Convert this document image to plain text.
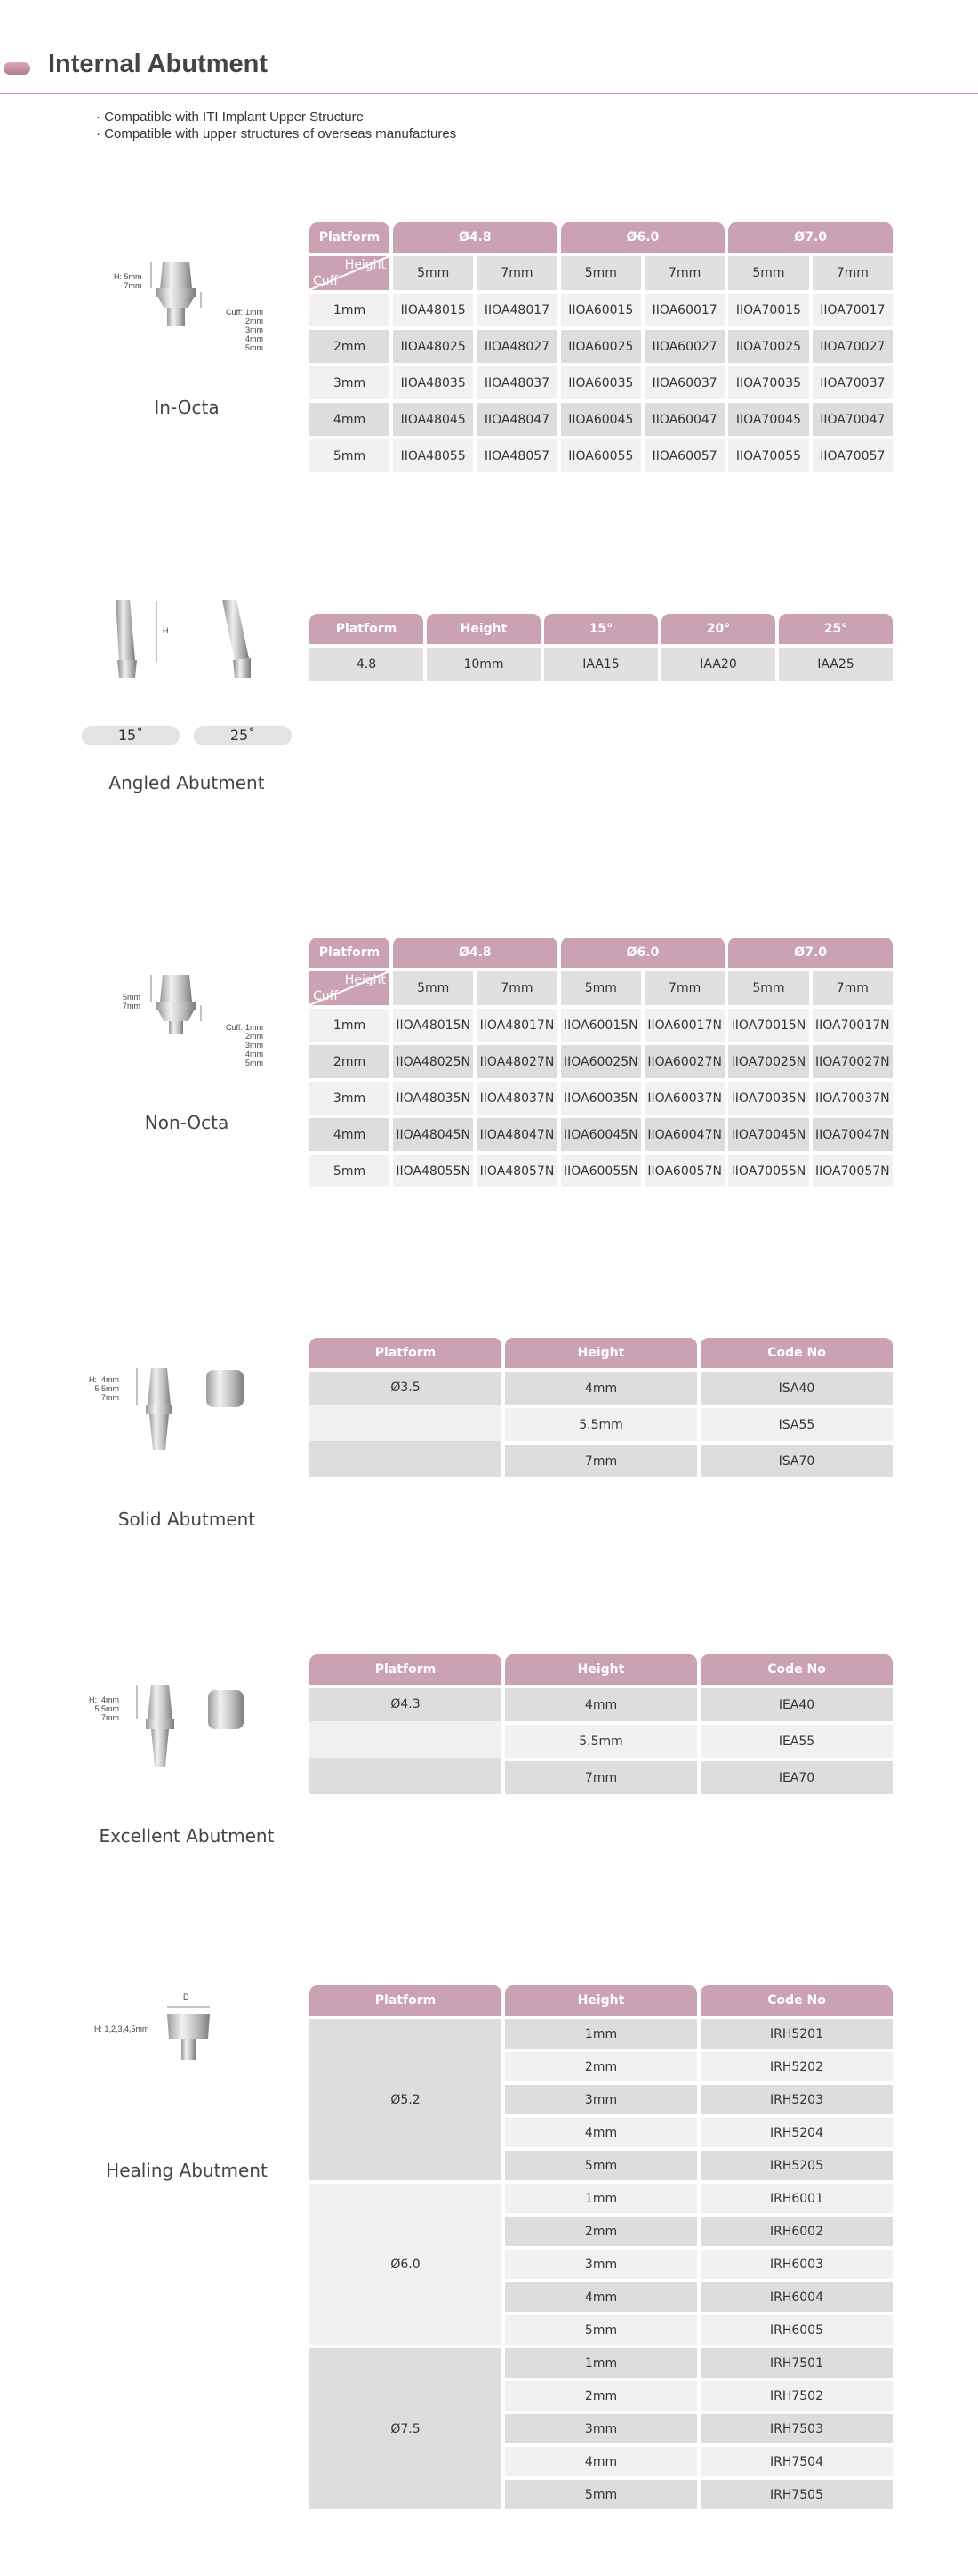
Internal Abutment
· Compatible with ITI Implant Upper Structure
· Compatible with upper structures of overseas manufactures
H: 5mm
7mm
Cuff: 1mm
2mm
3mm
4mm
5mm
In-Octa
Platform	Ø4.8		Ø6.0		Ø7.0	

Height
Cuff	5mm	7mm	5mm	7mm	5mm	7mm
1mm	IIOA48015	IIOA48017	IIOA60015	IIOA60017	IIOA70015	IIOA70017
2mm	IIOA48025	IIOA48027	IIOA60025	IIOA60027	IIOA70025	IIOA70027
3mm	IIOA48035	IIOA48037	IIOA60035	IIOA60037	IIOA70035	IIOA70037
4mm	IIOA48045	IIOA48047	IIOA60045	IIOA60047	IIOA70045	IIOA70047
5mm	IIOA48055	IIOA48057	IIOA60055	IIOA60057	IIOA70055	IIOA70057
H
15˚	25˚
Angled Abutment
Platform	Height	15°	20°	25°
4.8	10mm	IAA15	IAA20	IAA25
5mm
7mm
Cuff: 1mm
2mm
3mm
4mm
5mm
Non-Octa
Platform	Ø4.8		Ø6.0		Ø7.0	

Height
Cuff	5mm	7mm	5mm	7mm	5mm	7mm
1mm	IIOA48015N	IIOA48017N	IIOA60015N	IIOA60017N	IIOA70015N	IIOA70017N
2mm	IIOA48025N	IIOA48027N	IIOA60025N	IIOA60027N	IIOA70025N	IIOA70027N
3mm	IIOA48035N	IIOA48037N	IIOA60035N	IIOA60037N	IIOA70035N	IIOA70037N
4mm	IIOA48045N	IIOA48047N	IIOA60045N	IIOA60047N	IIOA70045N	IIOA70047N
5mm	IIOA48055N	IIOA48057N	IIOA60055N	IIOA60057N	IIOA70055N	IIOA70057N
H:  4mm
5.5mm
7mm
Solid Abutment
Platform	Height	Code No

Ø3.5	4mm	ISA40
	5.5mm	ISA55
	7mm	ISA70
H:  4mm
5.5mm
7mm
Excellent Abutment
Platform	Height	Code No

Ø4.3	4mm	IEA40
	5.5mm	IEA55
	7mm	IEA70
D
H: 1,2,3,4,5mm
Healing Abutment
Platform	Height	Code No
Ø5.2	1mm	IRH5201
	2mm	IRH5202
	3mm	IRH5203
	4mm	IRH5204
	5mm	IRH5205
Ø6.0	1mm	IRH6001
	2mm	IRH6002
	3mm	IRH6003
	4mm	IRH6004
	5mm	IRH6005
Ø7.5	1mm	IRH7501
	2mm	IRH7502
	3mm	IRH7503
	4mm	IRH7504
	5mm	IRH7505
